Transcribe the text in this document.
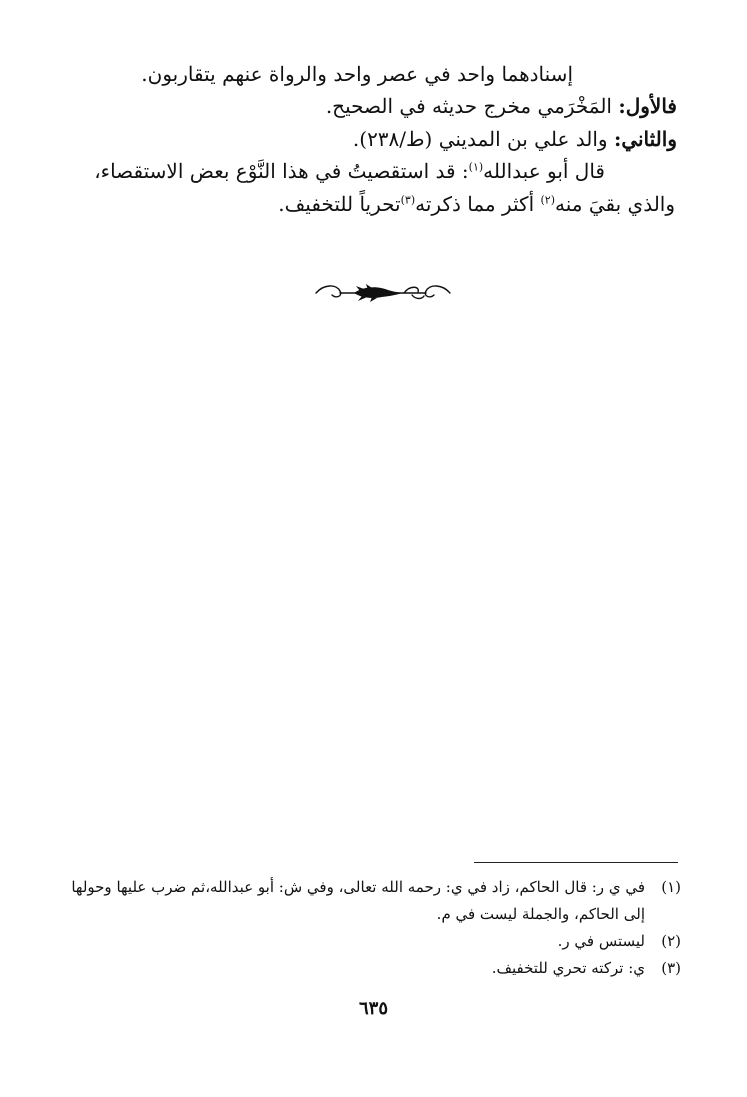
إسنادهما واحد في عصر واحد والرواة عنهم يتقاربون.

فالأول: المَخْرَمي مخرج حديثه في الصحيح.

والثاني: والد علي بن المديني (ط/٢٣٨).

قال أبو عبدالله$^{(١)}$: قد استقصيتُ في هذا النَّوْع بعض الاستقصاء،

والذي بقيَ منه$^{(٢)}$ أكثر مما ذكرته$^{(٣)}$تحرياً للتخفيف.

(١)
في ي ر: قال الحاكم، زاد في ي: رحمه الله تعالى، وفي ش: أبو عبدالله،ثم ضرب عليها وحولها إلى الحاكم، والجملة ليست في م.
(٢)
ليستس في ر.
(٣)
ي: تركته تحري للتخفيف.
٦٣٥
